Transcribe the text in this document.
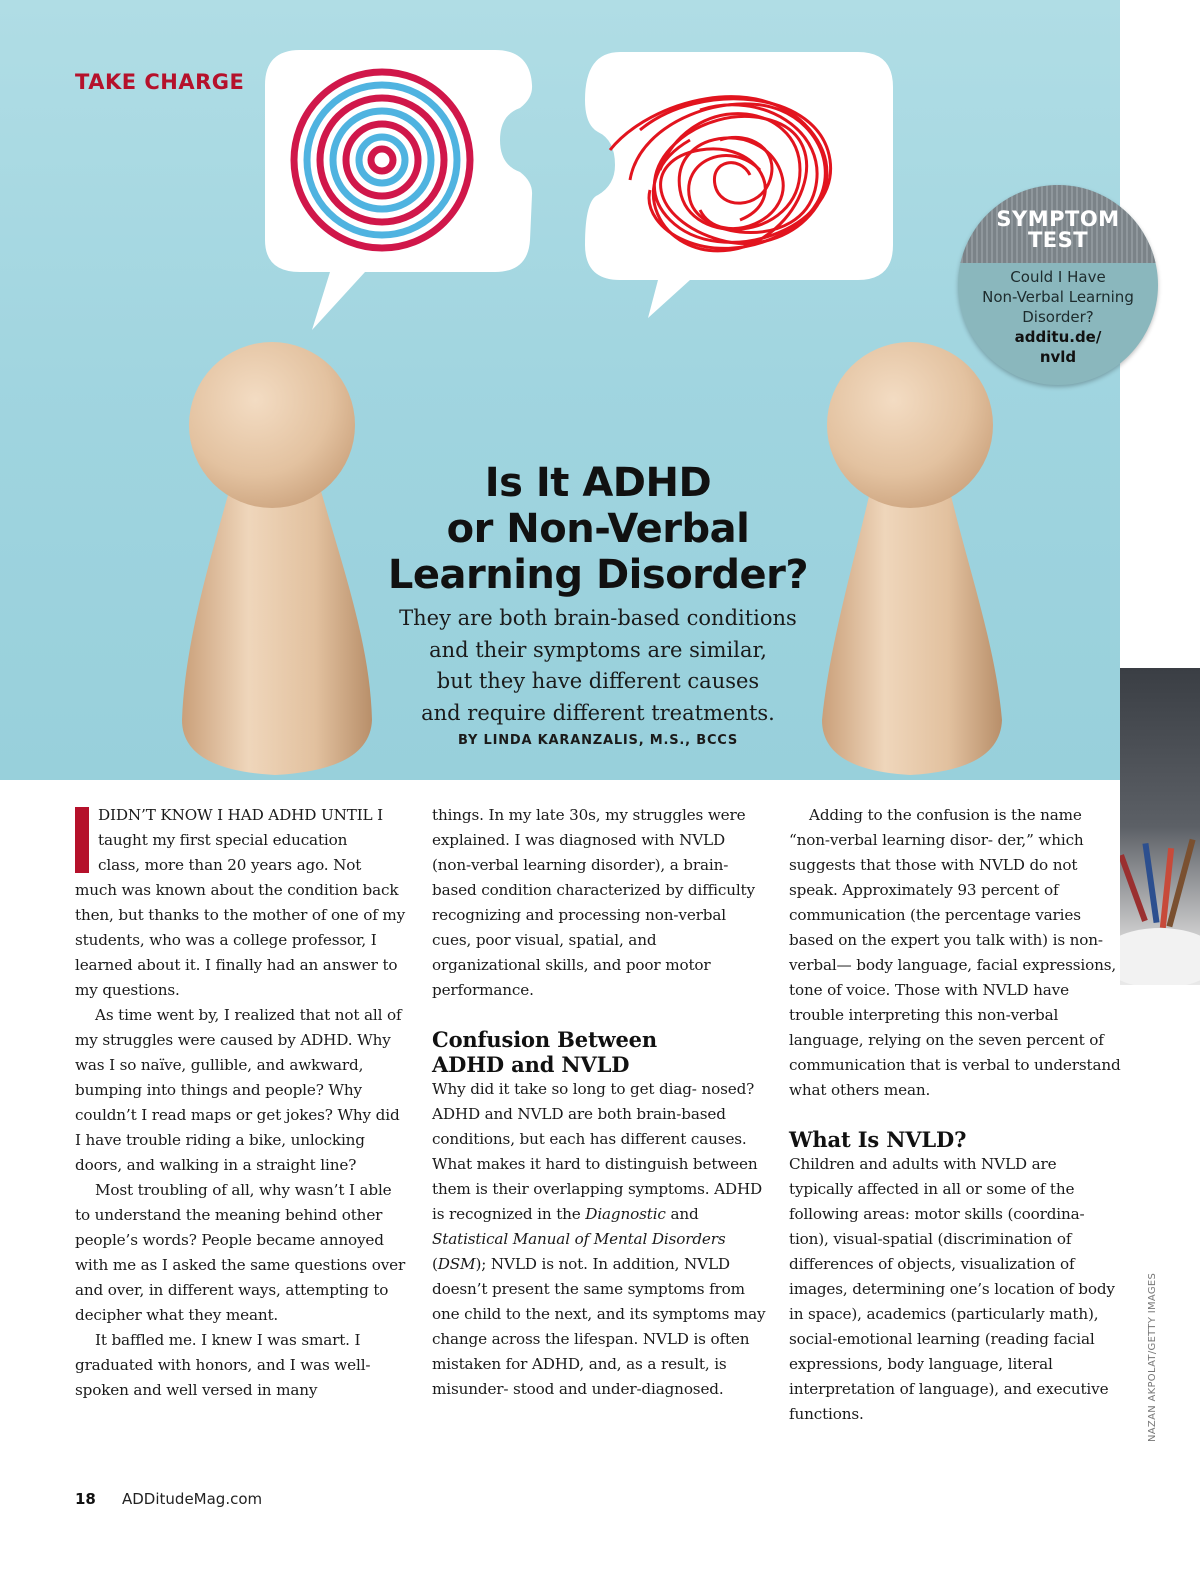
TAKE CHARGE
Is It ADHD
or Non-Verbal
Learning Disorder?
They are both brain-based conditions
and their symptoms are similar,
but they have different causes
and require different treatments.
BY LINDA KARANZALIS, M.S., BCCS
SYMPTOM
TEST
Could I Have
Non-Verbal Learning
Disorder?
additu.de/
nvld
DIDN’T KNOW I HAD ADHD UNTIL I
taught my first special education
class, more than 20 years ago. Not

much was known about the condition back then, but thanks to the mother of one of my students, who was a college professor, I learned about it. I finally had an answer to my questions.

As time went by, I realized that not all of my struggles were caused by ADHD. Why was I so naïve, gullible, and awkward, bumping into things and people? Why couldn’t I read maps or get jokes? Why did I have trouble riding a bike, unlocking doors, and walking in a straight line?

Most troubling of all, why wasn’t I able to understand the meaning behind other people’s words? People became annoyed with me as I asked the same questions over and over, in different ways, attempting to decipher what they meant.

It baffled me. I knew I was smart. I graduated with honors, and I was well-spoken and well versed in many

things. In my late 30s, my struggles were explained. I was diagnosed with NVLD (non-verbal learning disorder), a brain-based condition characterized by difficulty recognizing and processing non-verbal cues, poor visual, spatial, and organizational skills, and poor motor performance.

Confusion Between
ADHD and NVLD

Why did it take so long to get diag- nosed? ADHD and NVLD are both brain-based conditions, but each has different causes. What makes it hard to distinguish between them is their overlapping symptoms. ADHD is recognized in the Diagnostic and Statistical Manual of Mental Disorders (DSM); NVLD is not. In addition, NVLD doesn’t present the same symptoms from one child to the next, and its symptoms may change across the lifespan. NVLD is often mistaken for ADHD, and, as a result, is misunder- stood and under-diagnosed.

Adding to the confusion is the name “non-verbal learning disor- der,” which suggests that those with NVLD do not speak. Approximately 93 percent of communication (the percentage varies based on the expert you talk with) is non-verbal— body language, facial expressions, tone of voice. Those with NVLD have trouble interpreting this non-verbal language, relying on the seven percent of communication that is verbal to understand what others mean.

What Is NVLD?

Children and adults with NVLD are typically affected in all or some of the following areas: motor skills (coordina- tion), visual-spatial (discrimination of differences of objects, visualization of images, determining one’s location of body in space), academics (particularly math), social-emotional learning (reading facial expressions, body language, literal interpretation of language), and executive functions.	NAZAN AKPOLAT/GETTY IMAGES
18 ADDitudeMag.com
